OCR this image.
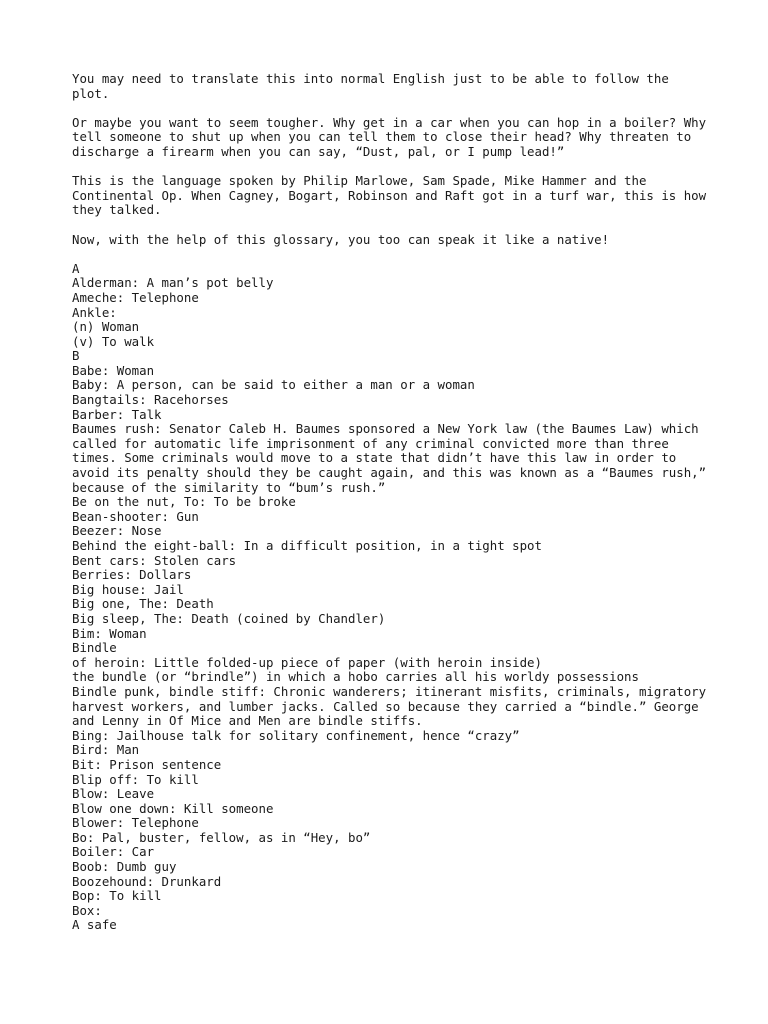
You may need to translate this into normal English just to be able to follow the plot.

Or maybe you want to seem tougher. Why get in a car when you can hop in a boiler? Why tell someone to shut up when you can tell them to close their head? Why threaten to discharge a firearm when you can say, “Dust, pal, or I pump lead!”

This is the language spoken by Philip Marlowe, Sam Spade, Mike Hammer and the Continental Op. When Cagney, Bogart, Robinson and Raft got in a turf war, this is how they talked.

Now, with the help of this glossary, you too can speak it like a native!

A
Alderman: A man’s pot belly
Ameche: Telephone
Ankle:
(n) Woman
(v) To walk
B
Babe: Woman
Baby: A person, can be said to either a man or a woman
Bangtails: Racehorses
Barber: Talk
Baumes rush: Senator Caleb H. Baumes sponsored a New York law (the Baumes Law) which called for automatic life imprisonment of any criminal convicted more than three times. Some criminals would move to a state that didn’t have this law in order to avoid its penalty should they be caught again, and this was known as a “Baumes rush,” because of the similarity to “bum’s rush.”
Be on the nut, To: To be broke
Bean-shooter: Gun
Beezer: Nose
Behind the eight-ball: In a difficult position, in a tight spot
Bent cars: Stolen cars
Berries: Dollars
Big house: Jail
Big one, The: Death
Big sleep, The: Death (coined by Chandler)
Bim: Woman
Bindle
of heroin: Little folded-up piece of paper (with heroin inside)
the bundle (or “brindle”) in which a hobo carries all his worldy possessions
Bindle punk, bindle stiff: Chronic wanderers; itinerant misfits, criminals, migratory harvest workers, and lumber jacks. Called so because they carried a “bindle.” George and Lenny in Of Mice and Men are bindle stiffs.
Bing: Jailhouse talk for solitary confinement, hence “crazy”
Bird: Man
Bit: Prison sentence
Blip off: To kill
Blow: Leave
Blow one down: Kill someone
Blower: Telephone
Bo: Pal, buster, fellow, as in “Hey, bo”
Boiler: Car
Boob: Dumb guy
Boozehound: Drunkard
Bop: To kill
Box:
A safe
